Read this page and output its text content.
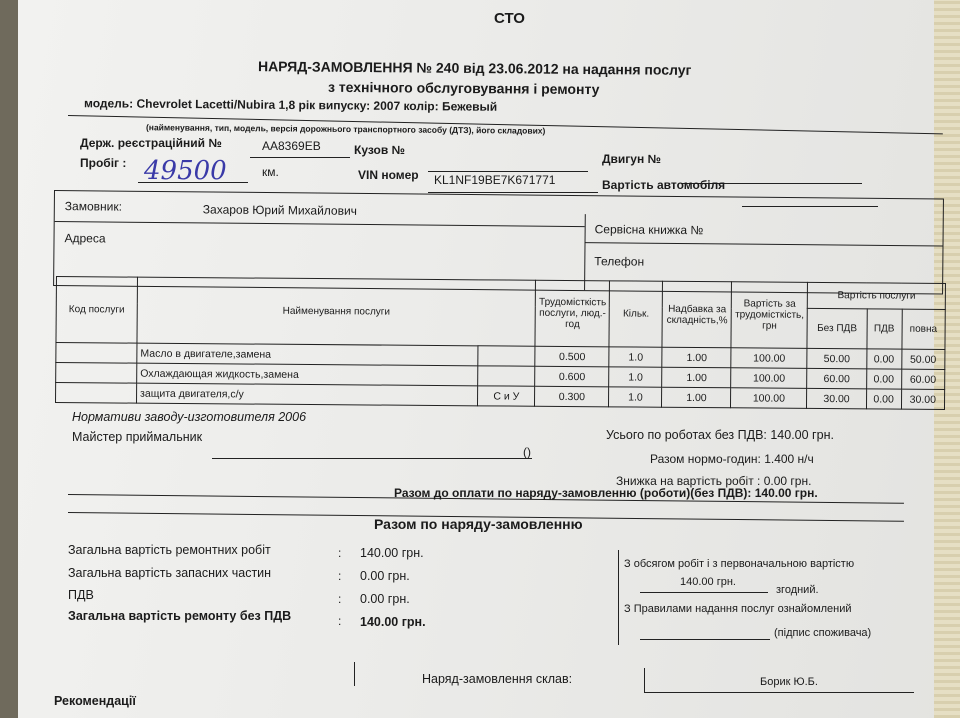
СТО
НАРЯД-ЗАМОВЛЕННЯ № 240 від 23.06.2012 на надання послуг
з технічного обслуговування і ремонту
модель: Chevrolet Lacetti/Nubira 1,8 рік випуску: 2007 колір: Бежевый
(найменування, тип, модель, версія дорожнього транспортного засобу (ДТЗ), його складових)
Держ. реєстраційний №	АА8369ЕВ	Кузов №
Двигун №
Пробіг : 49500	км.	VIN номер KL1NF19BE7K671771	Вартість автомобіля
Замовник:	Захаров Юрий Михайлович
Адреса
Сервісна книжка №
Телефон
Код послуги	Найменування послуги		Трудомісткість послуги, люд.-год	Кільк.	Надбавка за складність,%	Вартість за трудомісткість, грн	Вартість послуги		
							Без ПДВ	ПДВ	повна
	Масло в двигателе,замена		0.500	1.0	1.00	100.00	50.00	0.00	50.00
	Охлаждающая жидкость,замена		0.600	1.0	1.00	100.00	60.00	0.00	60.00
	защита двигателя,с/у	С и У	0.300	1.0	1.00	100.00	30.00	0.00	30.00
Нормативи заводу-изготовителя 2006
Майстер приймальник
()
Усього по роботах без ПДВ: 140.00 грн.
Разом нормо-годин: 1.400 н/ч
Знижка на вартість робіт : 0.00 грн.
Разом до оплати по наряду-замовленню (роботи)(без ПДВ): 140.00 грн.
Разом по наряду-замовленню
Загальна вартість ремонтних робіт	: 140.00 грн.
Загальна вартість запасних частин	: 0.00 грн.
ПДВ	: 0.00 грн.
Загальна вартість ремонту без ПДВ	: 140.00 грн.
З обсягом робіт і з первоначальною вартістю
140.00 грн.
згодний.
З Правилами надання послуг ознайомлений
(підпис споживача)
Наряд-замовлення склав:	Борик Ю.Б.
Рекомендації
